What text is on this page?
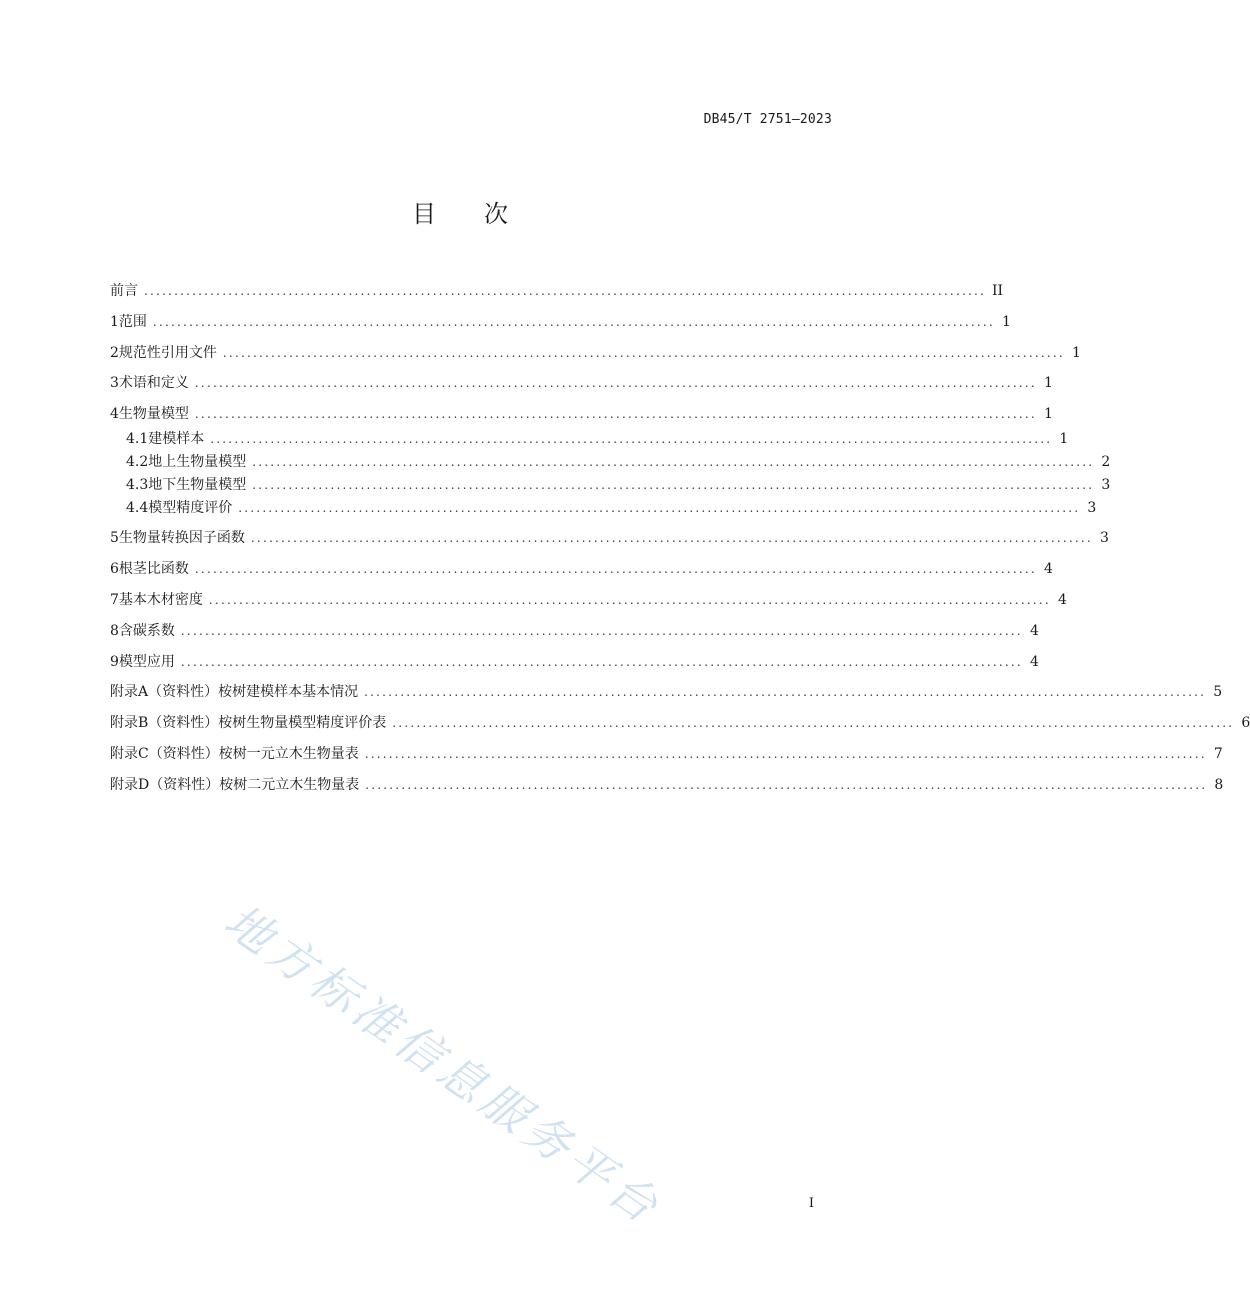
DB45/T 2751—2023
目 次
前言 ............................................................................................................................................ II
1 范围 ............................................................................................................................................ 1
2 规范性引用文件 ............................................................................................................................................ 1
3 术语和定义 ............................................................................................................................................ 1
4 生物量模型 ............................................................................................................................................ 1
4.1 建模样本 ............................................................................................................................................ 1
4.2 地上生物量模型 ............................................................................................................................................ 2
4.3 地下生物量模型 ............................................................................................................................................ 3
4.4 模型精度评价 ............................................................................................................................................ 3
5 生物量转换因子函数 ............................................................................................................................................ 3
6 根茎比函数 ............................................................................................................................................ 4
7 基本木材密度 ............................................................................................................................................ 4
8 含碳系数 ............................................................................................................................................ 4
9 模型应用 ............................................................................................................................................ 4
附录A（资料性） 桉树建模样本基本情况 ............................................................................................................................................ 5
附录B（资料性） 桉树生物量模型精度评价表 ............................................................................................................................................ 6
附录C（资料性） 桉树一元立木生物量表 ............................................................................................................................................ 7
附录D（资料性） 桉树二元立木生物量表 ............................................................................................................................................ 8
地方标准信息服务平台	I
